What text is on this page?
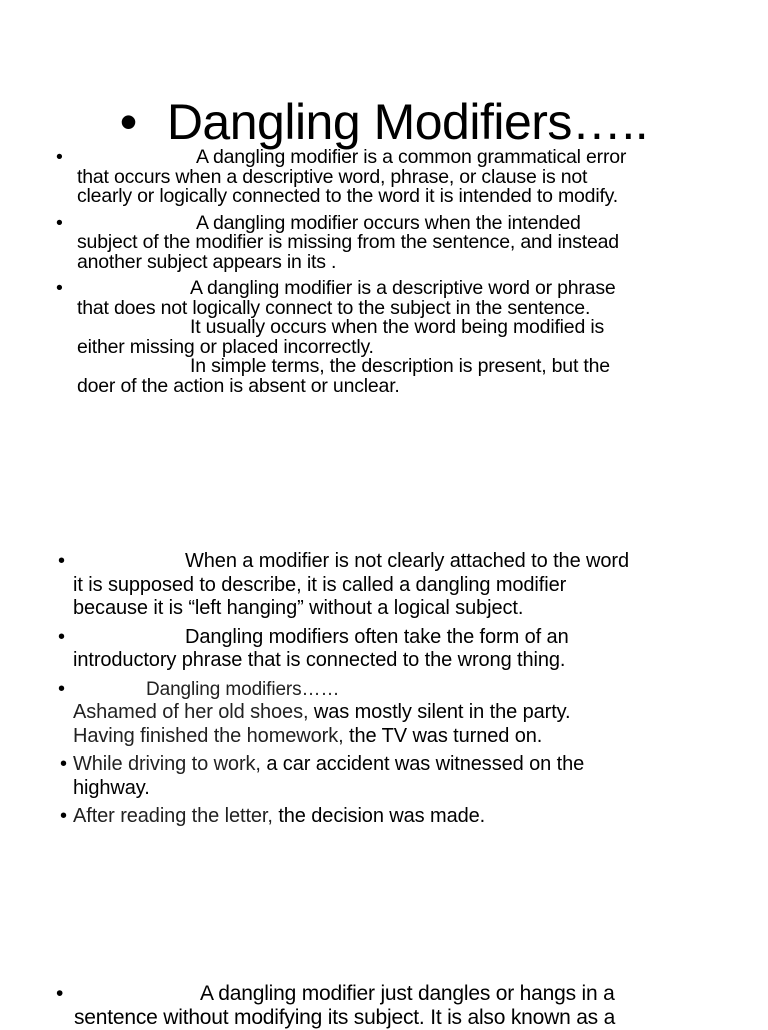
• Dangling Modifiers…..
•	A dangling modifier is a common grammatical error
that occurs when a descriptive word, phrase, or clause is not
clearly or logically connected to the word it is intended to modify.
•	A dangling modifier occurs when the intended
subject of the modifier is missing from the sentence, and instead
another subject appears in its .
•	A dangling modifier is a descriptive word or phrase
that does not logically connect to the subject in the sentence.
It usually occurs when the word being modified is
either missing or placed incorrectly.
In simple terms, the description is present, but the
doer of the action is absent or unclear.
•	When a modifier is not clearly attached to the word
it is supposed to describe, it is called a dangling modifier
because it is “left hanging” without a logical subject.
•	Dangling modifiers often take the form of an
introductory phrase that is connected to the wrong thing.
•	Dangling modifiers……
Ashamed of her old shoes, was mostly silent in the party.
Having finished the homework, the TV was turned on.
• While driving to work, a car accident was witnessed on the
highway.
• After reading the letter, the decision was made.
•	A dangling modifier just dangles or hangs in a
sentence without modifying its subject. It is also known as a
